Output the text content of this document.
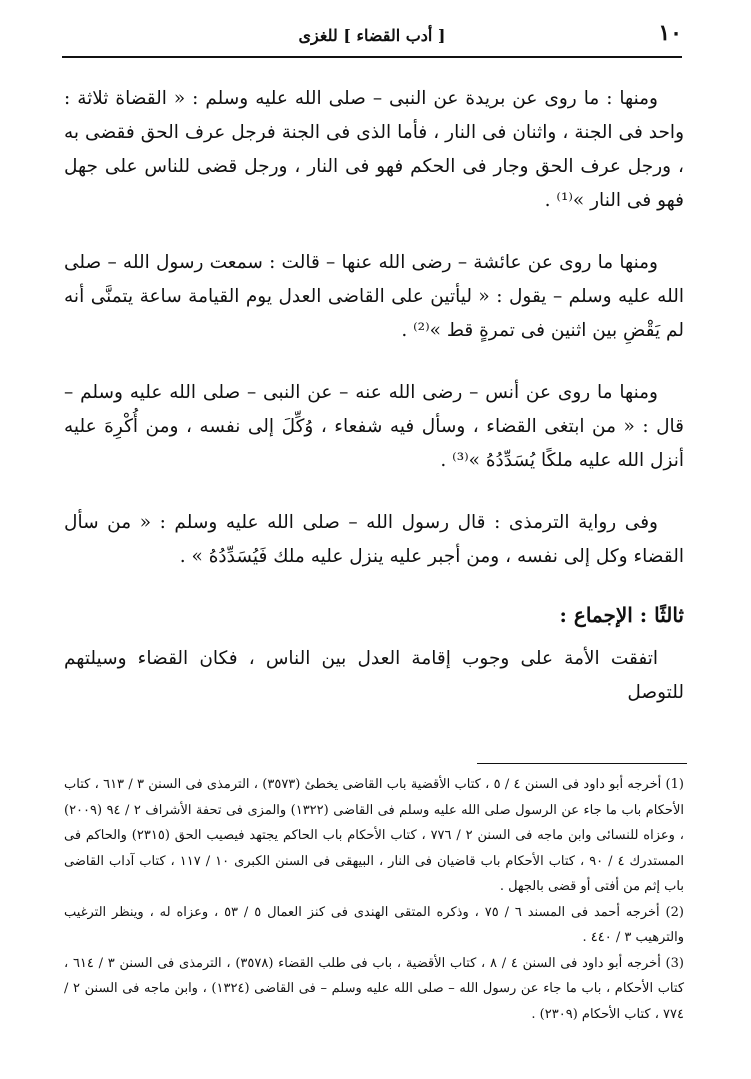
١٠
[ أدب القضاء ] للغزى

ومنها : ما روى عن بريدة عن النبى – صلى الله عليه وسلم : « القضاة ثلاثة : واحد فى الجنة ، واثنان فى النار ، فأما الذى فى الجنة فرجل عرف الحق فقضى به ، ورجل عرف الحق وجار فى الحكم فهو فى النار ، ورجل قضى للناس على جهل فهو فى النار »⁽¹⁾ .

ومنها ما روى عن عائشة – رضى الله عنها – قالت : سمعت رسول الله – صلى الله عليه وسلم – يقول : « ليأتين على القاضى العدل يوم القيامة ساعة يتمنَّى أنه لم يَقْضِ بين اثنين فى تمرةٍ قط »⁽²⁾ .

ومنها ما روى عن أنس – رضى الله عنه – عن النبى – صلى الله عليه وسلم – قال : « من ابتغى القضاء ، وسأل فيه شفعاء ، وُكِّلَ إلى نفسه ، ومن أُكْرِهَ عليه أنزل الله عليه ملكًا يُسَدِّدُهُ »⁽³⁾ .

وفى رواية الترمذى : قال رسول الله – صلى الله عليه وسلم : « من سأل القضاء وكل إلى نفسه ، ومن أجبر عليه ينزل عليه ملك فَيُسَدِّدُهُ » .

ثالثًا : الإجماع :

اتفقت الأمة على وجوب إقامة العدل بين الناس ، فكان القضاء وسيلتهم للتوصل

(1) أخرجه أبو داود فى السنن ٤ / ٥ ، كتاب الأقضية باب القاضى يخطئ (٣٥٧٣) ، الترمذى فى السنن ٣ / ٦١٣ ، كتاب الأحكام باب ما جاء عن الرسول صلى الله عليه وسلم فى القاضى (١٣٢٢) والمزى فى تحفة الأشراف ٢ / ٩٤ (٢٠٠٩) ، وعزاه للنسائى وابن ماجه فى السنن ٢ / ٧٧٦ ، كتاب الأحكام باب الحاكم يجتهد فيصيب الحق (٢٣١٥) والحاكم فى المستدرك ٤ / ٩٠ ، كتاب الأحكام باب قاضيان فى النار ، البيهقى فى السنن الكبرى ١٠ / ١١٧ ، كتاب آداب القاضى باب إثم من أفتى أو قضى بالجهل .

(2) أخرجه أحمد فى المسند ٦ / ٧٥ ، وذكره المتقى الهندى فى كنز العمال ٥ / ٥٣ ، وعزاه له ، وينظر الترغيب والترهيب ٣ / ٤٤٠ .

(3) أخرجه أبو داود فى السنن ٤ / ٨ ، كتاب الأقضية ، باب فى طلب القضاء (٣٥٧٨) ، الترمذى فى السنن ٣ / ٦١٤ ، كتاب الأحكام ، باب ما جاء عن رسول الله – صلى الله عليه وسلم – فى القاضى (١٣٢٤) ، وابن ماجه فى السنن ٢ / ٧٧٤ ، كتاب الأحكام (٢٣٠٩) .
